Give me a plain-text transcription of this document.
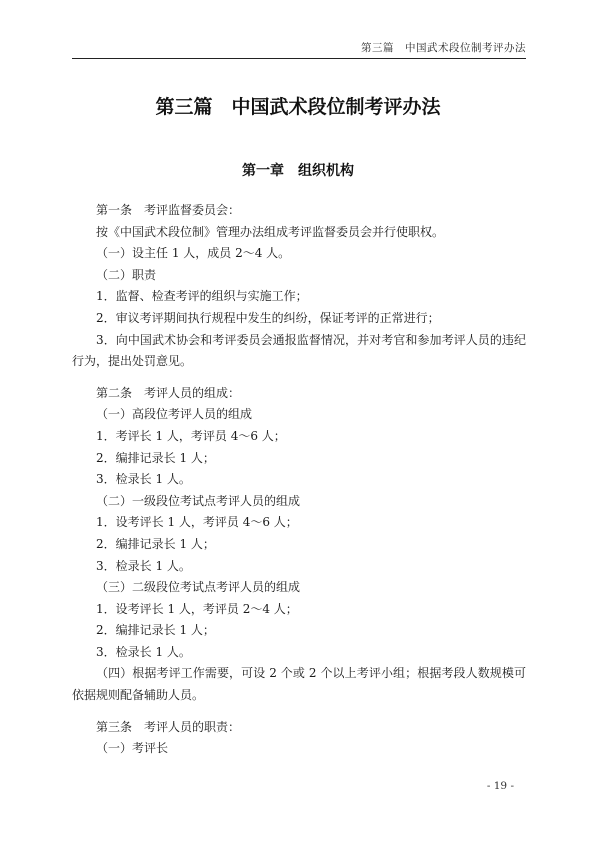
第三篇　中国武术段位制考评办法
第三篇　中国武术段位制考评办法
第一章　组织机构

第一条　考评监督委员会：

按《中国武术段位制》管理办法组成考评监督委员会并行使职权。

（一）设主任 1 人，成员 2～4 人。

（二）职责

1．监督、检查考评的组织与实施工作；

2．审议考评期间执行规程中发生的纠纷，保证考评的正常进行；

3．向中国武术协会和考评委员会通报监督情况，并对考官和参加考评人员的违纪行为，提出处罚意见。

第二条　考评人员的组成：

（一）高段位考评人员的组成

1．考评长 1 人，考评员 4～6 人；

2．编排记录长 1 人；

3．检录长 1 人。

（二）一级段位考试点考评人员的组成

1．设考评长 1 人，考评员 4～6 人；

2．编排记录长 1 人；

3．检录长 1 人。

（三）二级段位考试点考评人员的组成

1．设考评长 1 人，考评员 2～4 人；

2．编排记录长 1 人；

3．检录长 1 人。

（四）根据考评工作需要，可设 2 个或 2 个以上考评小组；根据考段人数规模可依据规则配备辅助人员。

第三条　考评人员的职责：

（一）考评长

- 19 -
